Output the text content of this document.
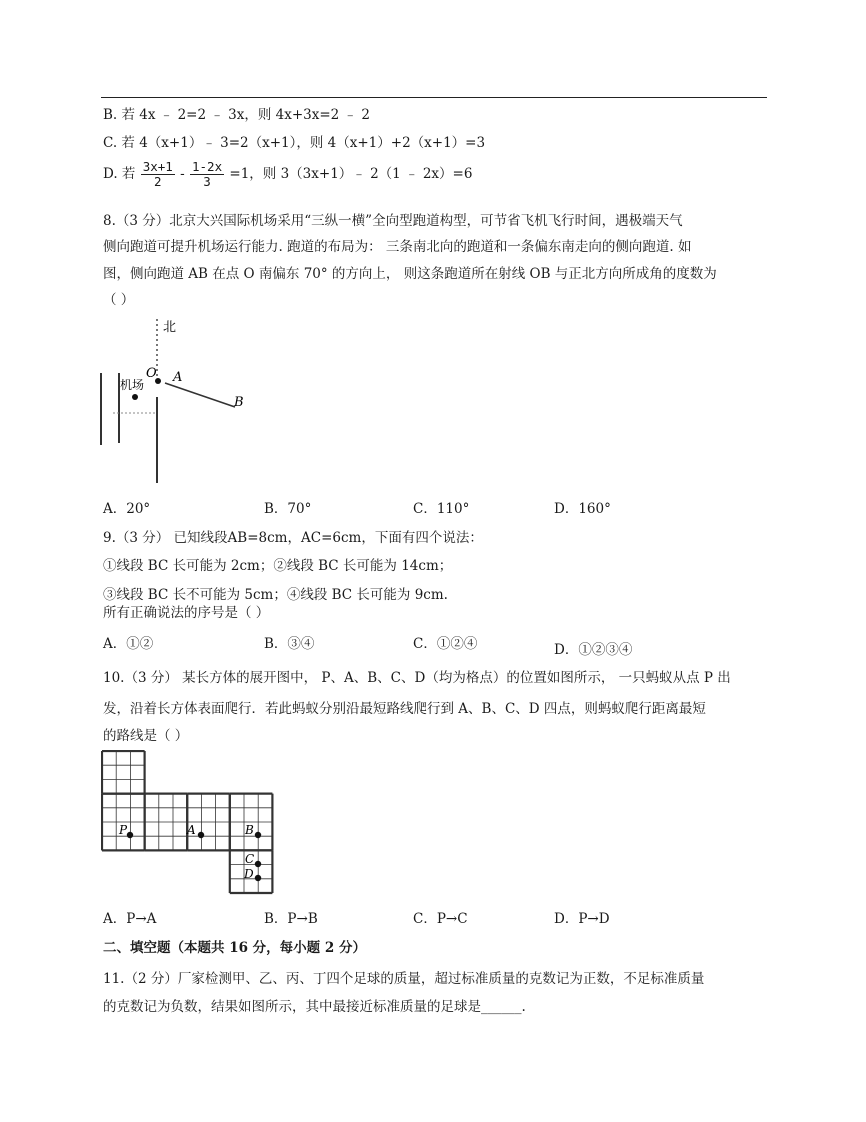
B. 若 4x ﹣ 2=2 ﹣ 3x，则 4x+3x=2 ﹣ 2
C. 若 4（x+1）﹣ 3=2（x+1），则 4（x+1）+2（x+1）=3
D. 若 $\frac{3x+1}{2} - \frac{1-2x}{3} =1$，则 3（3x+1）﹣ 2（1 ﹣ 2x）=6
8.（3 分）北京大兴国际机场采用“三纵一横”全向型跑道构型，可节省飞机飞行时间，遇极端天气
侧向跑道可提升机场运行能力. 跑道的布局为： 三条南北向的跑道和一条偏东南走向的侧向跑道. 如
图，侧向跑道 AB 在点 O 南偏东 70° 的方向上， 则这条跑道所在射线 OB 与正北方向所成角的度数为
（ ）
北
机场
O A
B
A．20°	B．70°	C．110°	D．160°
9.（3 分） 已知线段AB=8cm，AC=6cm，下面有四个说法：
①线段 BC 长可能为 2cm；②线段 BC 长可能为 14cm；
③线段 BC 长不可能为 5cm；④线段 BC 长可能为 9cm.
所有正确说法的序号是（ ）
A．①②	B．③④	C．①②④	D．①②③④
10.（3 分） 某长方体的展开图中， P、A、B、C、D（均为格点）的位置如图所示， 一只蚂蚁从点 P 出
发，沿着长方体表面爬行．若此蚂蚁分别沿最短路线爬行到 A、B、C、D 四点，则蚂蚁爬行距离最短
的路线是（ ）
P	A	B
C
D
A．P→A	B．P→B	C．P→C	D．P→D
二、填空题（本题共 16 分，每小题 2 分）
11.（2 分）厂家检测甲、乙、丙、丁四个足球的质量，超过标准质量的克数记为正数，不足标准质量
的克数记为负数，结果如图所示，其中最接近标准质量的足球是______.
